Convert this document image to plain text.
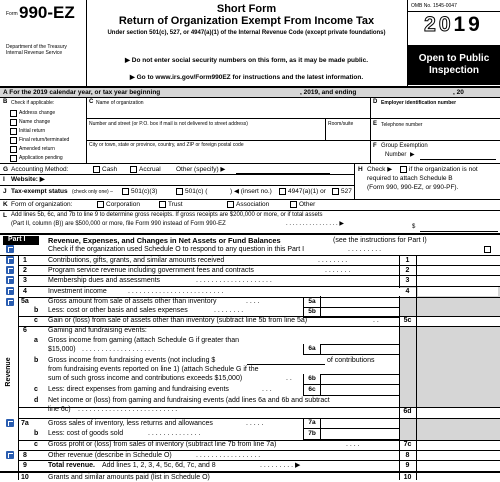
Form 990-EZ
Department of the Treasury
Internal Revenue Service
Short Form
Return of Organization Exempt From Income Tax
Under section 501(c), 527, or 4947(a)(1) of the Internal Revenue Code (except private foundations)
▶ Do not enter social security numbers on this form, as it may be made public.
▶ Go to www.irs.gov/Form990EZ for instructions and the latest information.
OMB No. 1545-0047
2019
Open to Public
Inspection
A For the 2019 calendar year, or tax year beginning	, 2019, and ending	, 20
B Check if applicable:
Address change
Name change
Initial return
Final return/terminated
Amended return
Application pending
C Name of organization
Number and street (or P.O. box if mail is not delivered to street address)	Room/suite
City or town, state or province, country, and ZIP or foreign postal code
D Employer identification number
E Telephone number
F Group Exemption
Number ▶
G Accounting Method:	Cash	Accrual Other (specify) ▶	H Check ▶	if the organization is not
required to attach Schedule B
(Form 990, 990-EZ, or 990-PF).
I Website: ▶
J Tax-exempt status (check only one) –	501(c)(3)	501(c) (	) ◀ (insert no.) 4947(a)(1) or 527
K Form of organization:	Corporation	Trust	Association	Other
L Add lines 5b, 6c, and 7b to line 9 to determine gross receipts. If gross receipts are $200,000 or more, or if total assets
(Part II, column (B)) are $500,000 or more, file Form 990 instead of Form 990-EZ	. . . . . . . . . . . . . . . . ▶	$
Part I	Revenue, Expenses, and Changes in Net Assets or Fund Balances	(see the instructions for Part I)
Check if the organization used Schedule O to respond to any question in this Part I	. . . . . . . . .
Revenue
1	Contributions, gifts, grants, and similar amounts received	. . . . . . . .	1
2	Program service revenue including government fees and contracts	. . . . . . .	2
3	Membership dues and assessments	. . . . . . . . . . . . . . . . . . . .	3
4	Investment income	. . . . . . . . . . . . . . . . . . . . . . . . .	4
5a	Gross amount from sale of assets other than inventory	. . . .	5a
b Less: cost or other basis and sales expenses	. . . . . . . .	5b
c Gain or (loss) from sale of assets other than inventory (subtract line 5b from line 5a)	. .	5c
6	Gaming and fundraising events:
a Gross income from gaming (attach Schedule G if greater than
$15,000) . . . . . . . . . . . . . . . . . . .	6a
b Gross income from fundraising events (not including $	of contributions
from fundraising events reported on line 1) (attach Schedule G if the
sum of such gross income and contributions exceeds $15,000)	. .	6b
c Less: direct expenses from gaming and fundraising events	. . .	6c
d Net income or (loss) from gaming and fundraising events (add lines 6a and 6b and subtract
line 6c) . . . . . . . . . . . . . . . . . . . . . . . . . .	6d
7a	Gross sales of inventory, less returns and allowances	. . . . .	7a
b Less: cost of goods sold	. . . . . . . . . . . . . .	7b
c Gross profit or (loss) from sales of inventory (subtract line 7b from line 7a)	. . . .	7c
8	Other revenue (describe in Schedule O)	. . . . . . . . . . . . . . . . .	8
9	Total revenue. Add lines 1, 2, 3, 4, 5c, 6d, 7c, and 8	. . . . . . . . . ▶	9
10	Grants and similar amounts paid (list in Schedule O)	10
